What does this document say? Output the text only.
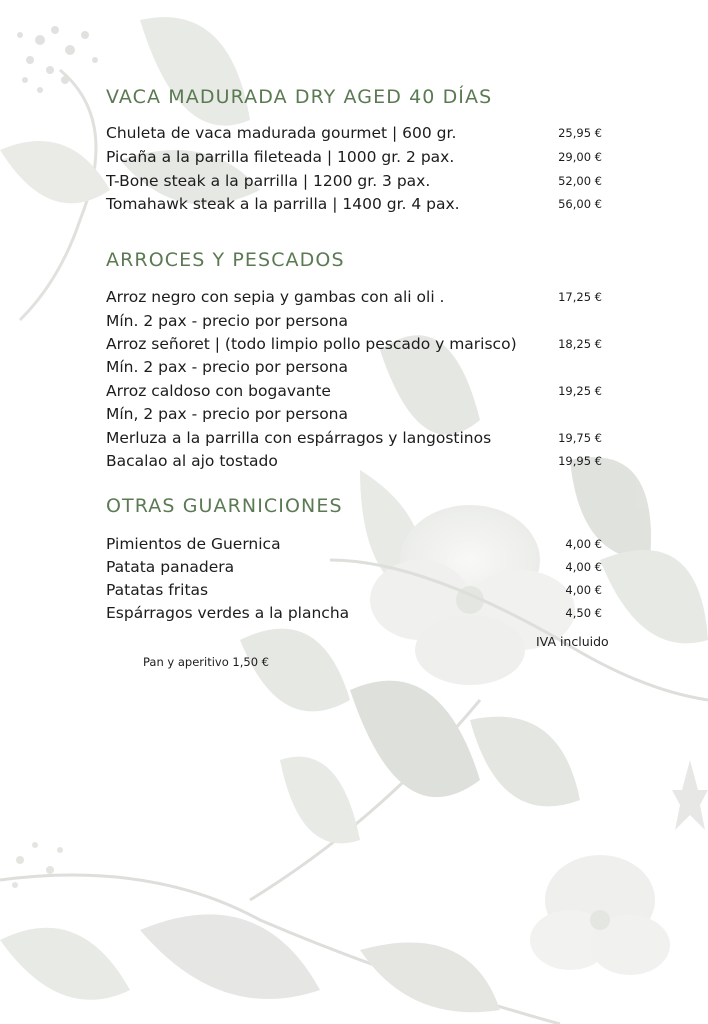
VACA MADURADA DRY AGED 40 DÍAS
Chuleta de vaca madurada gourmet | 600 gr.	25,95 €
Picaña a la parrilla fileteada | 1000 gr. 2 pax.	29,00 €
T-Bone steak a la parrilla | 1200 gr. 3 pax.	52,00 €
Tomahawk steak a la parrilla | 1400 gr. 4 pax.	56,00 €
ARROCES Y PESCADOS
Arroz negro con sepia y gambas con ali oli .	17,25 €
Mín. 2 pax - precio por persona
Arroz señoret | (todo limpio pollo pescado y marisco)	18,25 €
Mín. 2 pax - precio por persona
Arroz caldoso con bogavante	19,25 €
Mín, 2 pax - precio por persona
Merluza a la parrilla con espárragos y langostinos	19,75 €
Bacalao al ajo tostado	19,95 €
OTRAS GUARNICIONES
Pimientos de Guernica	4,00 €
Patata panadera	4,00 €
Patatas fritas	4,00 €
Espárragos verdes a la plancha	4,50 €
IVA incluido
Pan y aperitivo 1,50 €
